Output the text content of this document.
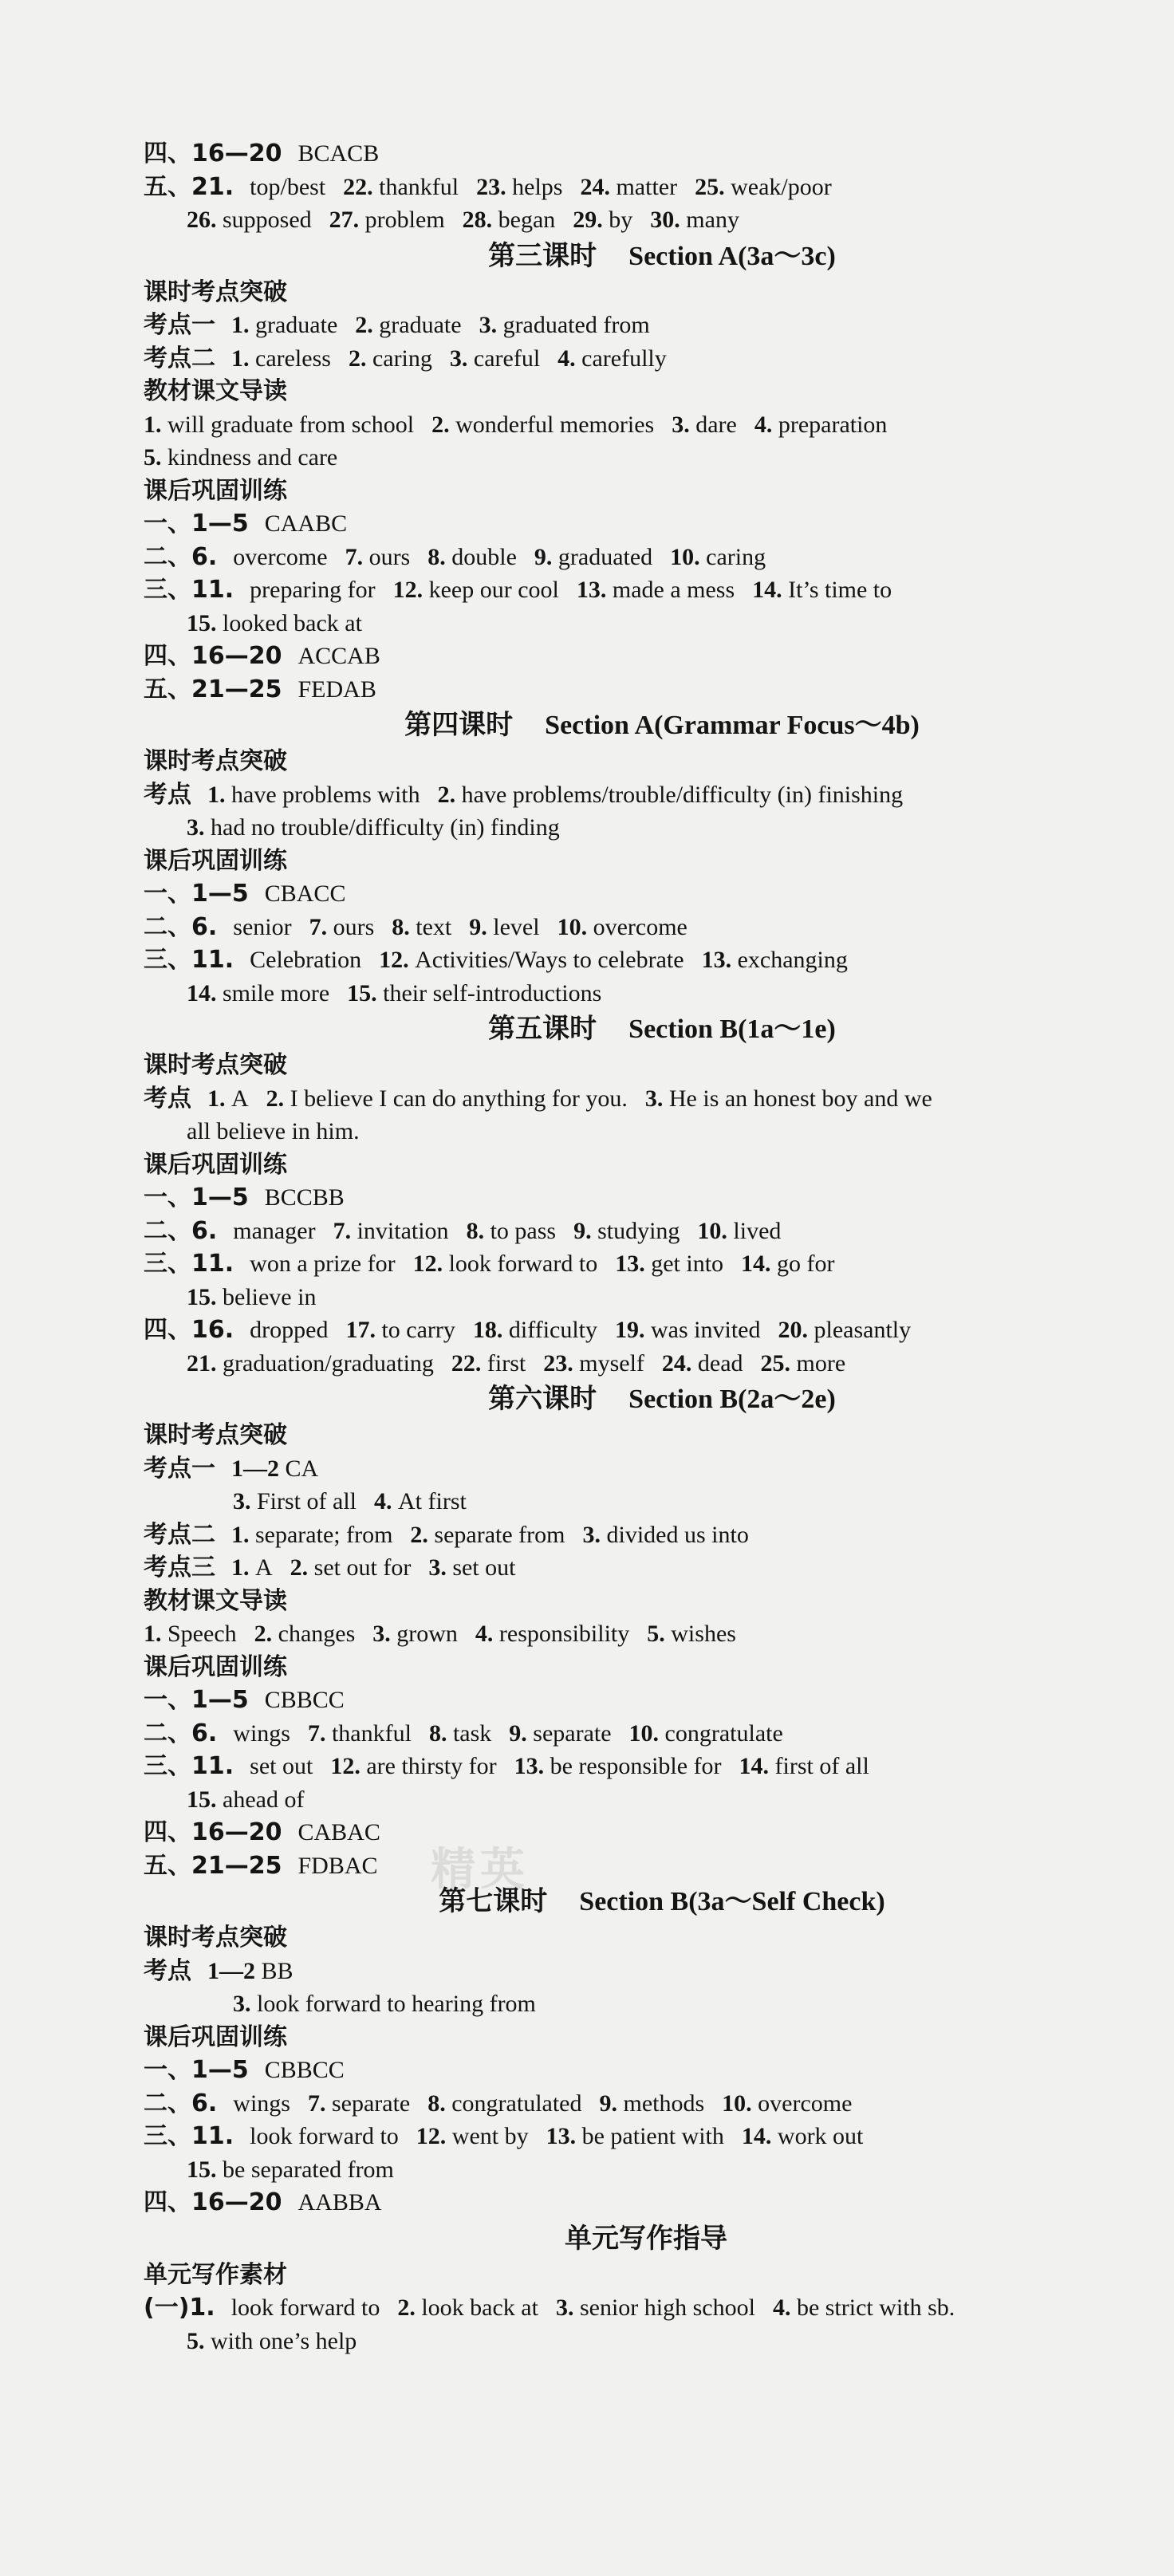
四、16—20 BCACB
五、21. top/best 22. thankful 23. helps 24. matter 25. weak/poor
26. supposed 27. problem 28. began 29. by 30. many
第三课时 Section A(3a～3c)
课时考点突破
考点一 1. graduate 2. graduate 3. graduated from
考点二 1. careless 2. caring 3. careful 4. carefully
教材课文导读
1. will graduate from school 2. wonderful memories 3. dare 4. preparation
5. kindness and care
课后巩固训练
一、1—5 CAABC
二、6. overcome 7. ours 8. double 9. graduated 10. caring
三、11. preparing for 12. keep our cool 13. made a mess 14. It’s time to
15. looked back at
四、16—20 ACCAB
五、21—25 FEDAB
第四课时 Section A(Grammar Focus～4b)
课时考点突破
考点 1. have problems with 2. have problems/trouble/difficulty (in) finishing
3. had no trouble/difficulty (in) finding
课后巩固训练
一、1—5 CBACC
二、6. senior 7. ours 8. text 9. level 10. overcome
三、11. Celebration 12. Activities/Ways to celebrate 13. exchanging
14. smile more 15. their self-introductions
第五课时 Section B(1a～1e)
课时考点突破
考点 1. A 2. I believe I can do anything for you. 3. He is an honest boy and we
all believe in him.
课后巩固训练
一、1—5 BCCBB
二、6. manager 7. invitation 8. to pass 9. studying 10. lived
三、11. won a prize for 12. look forward to 13. get into 14. go for
15. believe in
四、16. dropped 17. to carry 18. difficulty 19. was invited 20. pleasantly
21. graduation/graduating 22. first 23. myself 24. dead 25. more
第六课时 Section B(2a～2e)
课时考点突破
考点一 1—2 CA
3. First of all 4. At first
考点二 1. separate; from 2. separate from 3. divided us into
考点三 1. A 2. set out for 3. set out
教材课文导读
1. Speech 2. changes 3. grown 4. responsibility 5. wishes
课后巩固训练
一、1—5 CBBCC
二、6. wings 7. thankful 8. task 9. separate 10. congratulate
三、11. set out 12. are thirsty for 13. be responsible for 14. first of all
15. ahead of
四、16—20 CABAC
五、21—25 FDBAC
第七课时 Section B(3a～Self Check)
课时考点突破
考点 1—2 BB
3. look forward to hearing from
课后巩固训练
一、1—5 CBBCC
二、6. wings 7. separate 8. congratulated 9. methods 10. overcome
三、11. look forward to 12. went by 13. be patient with 14. work out
15. be separated from
四、16—20 AABBA
单元写作指导
单元写作素材
(一)1. look forward to 2. look back at 3. senior high school 4. be strict with sb.
5. with one’s help
精英
